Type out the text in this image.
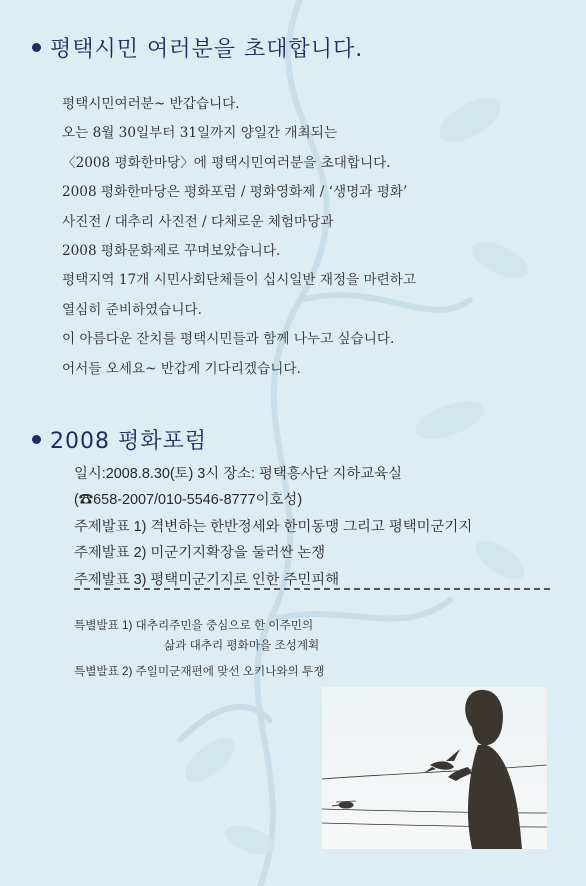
평택시민 여러분을 초대합니다.
평택시민여러분~ 반갑습니다.
오는 8월 30일부터 31일까지 양일간 개최되는
〈2008 평화한마당〉에 평택시민여러분을 초대합니다.
2008 평화한마당은 평화포럼 / 평화영화제 / ‘생명과 평화’
사진전 / 대추리 사진전 / 다채로운 체험마당과
2008 평화문화제로 꾸며보았습니다.
평택지역 17개 시민사회단체들이 십시일반 재정을 마련하고
열심히 준비하였습니다.
이 아름다운 잔치를 평택시민들과 함께 나누고 싶습니다.
어서들 오세요~ 반갑게 기다리겠습니다.
2008 평화포럼
일시:2008.8.30(토) 3시 장소: 평택흥사단 지하교육실
(☎658-2007/010-5546-8777이호성)
주제발표 1) 격변하는 한반정세와 한미동맹 그리고 평택미군기지
주제발표 2) 미군기지확장을 둘러싼 논쟁
주제발표 3) 평택미군기지로 인한 주민피해
특별발표 1) 대추리주민을 중심으로 한 이주민의
삶과 대추리 평화마을 조성계획
특별발표 2) 주일미군재편에 맞선 오키나와의 투쟁
